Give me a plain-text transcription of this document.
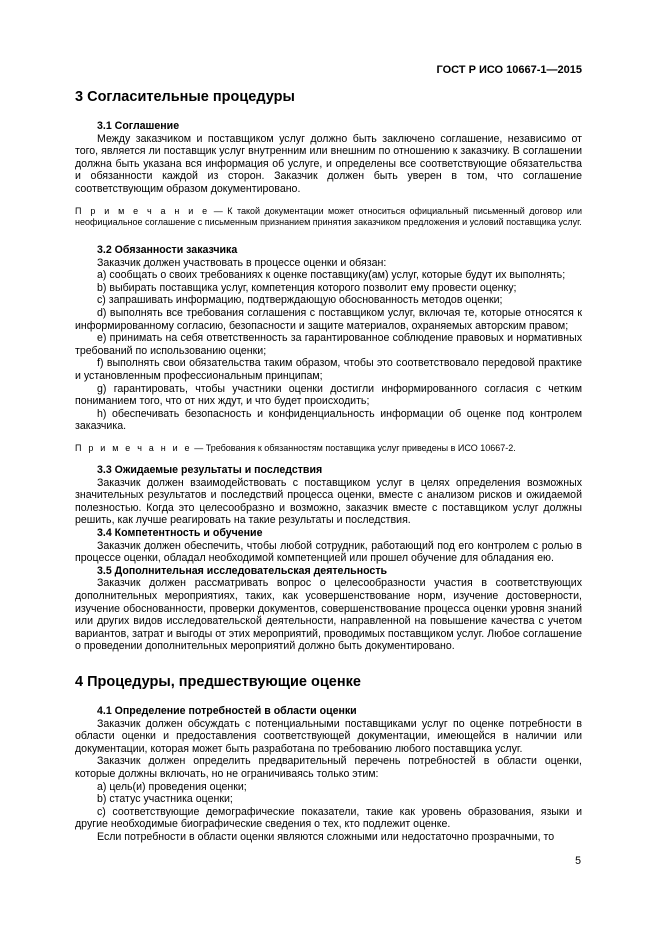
ГОСТ Р ИСО 10667-1—2015
3 Согласительные процедуры
3.1 Соглашение

Между заказчиком и поставщиком услуг должно быть заключено соглашение, независимо от того, является ли поставщик услуг внутренним или внешним по отношению к заказчику. В соглашении должна быть указана вся информация об услуге, и определены все соответствующие обязательства и обязанности каждой из сторон. Заказчик должен быть уверен в том, что соглашение соответствующим образом документировано.

П р и м е ч а н и е — К такой документации может относиться официальный письменный договор или неофициальное соглашение с письменным признанием принятия заказчиком предложения и условий поставщика услуг.

3.2 Обязанности заказчика

Заказчик должен участвовать в процессе оценки и обязан:

a) сообщать о своих требованиях к оценке поставщику(ам) услуг, которые будут их выполнять;

b) выбирать поставщика услуг, компетенция которого позволит ему провести оценку;

c) запрашивать информацию, подтверждающую обоснованность методов оценки;

d) выполнять все требования соглашения с поставщиком услуг, включая те, которые относятся к информированному согласию, безопасности и защите материалов, охраняемых авторским правом;

e) принимать на себя ответственность за гарантированное соблюдение правовых и нормативных требований по использованию оценки;

f) выполнять свои обязательства таким образом, чтобы это соответствовало передовой практике и установленным профессиональным принципам;

g) гарантировать, чтобы участники оценки достигли информированного согласия с четким пониманием того, что от них ждут, и что будет происходить;

h) обеспечивать безопасность и конфиденциальность информации об оценке под контролем заказчика.

П р и м е ч а н и е — Требования к обязанностям поставщика услуг приведены в ИСО 10667-2.

3.3 Ожидаемые результаты и последствия

Заказчик должен взаимодействовать с поставщиком услуг в целях определения возможных значительных результатов и последствий процесса оценки, вместе с анализом рисков и ожидаемой полезностью. Когда это целесообразно и возможно, заказчик вместе с поставщиком услуг должны решить, как лучше реагировать на такие результаты и последствия.

3.4 Компетентность и обучение

Заказчик должен обеспечить, чтобы любой сотрудник, работающий под его контролем с ролью в процессе оценки, обладал необходимой компетенцией или прошел обучение для обладания ею.

3.5 Дополнительная исследовательская деятельность

Заказчик должен рассматривать вопрос о целесообразности участия в соответствующих дополнительных мероприятиях, таких, как усовершенствование норм, изучение достоверности, изучение обоснованности, проверки документов, совершенствование процесса оценки уровня знаний или других видов исследовательской деятельности, направленной на повышение качества с учетом вариантов, затрат и выгоды от этих мероприятий, проводимых поставщиком услуг. Любое соглашение о проведении дополнительных мероприятий должно быть документировано.

4 Процедуры, предшествующие оценке
4.1 Определение потребностей в области оценки

Заказчик должен обсуждать с потенциальными поставщиками услуг по оценке потребности в области оценки и предоставления соответствующей документации, имеющейся в наличии или документации, которая может быть разработана по требованию любого поставщика услуг.

Заказчик должен определить предварительный перечень потребностей в области оценки, которые должны включать, но не ограничиваясь только этим:

a) цель(и) проведения оценки;

b) статус участника оценки;

c) соответствующие демографические показатели, такие как уровень образования, языки и другие необходимые биографические сведения о тех, кто подлежит оценке.

Если потребности в области оценки являются сложными или недостаточно прозрачными, то

5
